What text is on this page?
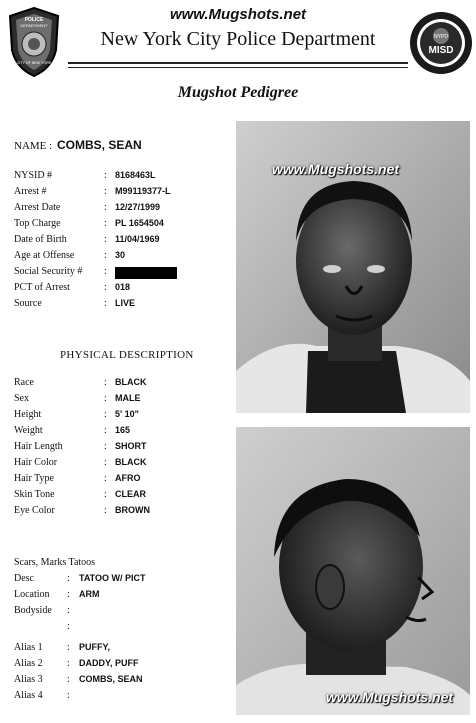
POLICE
DEPARTMENT
CITY OF NEW YORK
www.Mugshots.net
New York City Police Department	NYPD
MISD
Mugshot Pedigree
NAME : COMBS, SEAN
NYSID #	: 8168463L
Arrest #	: M99119377-L
Arrest Date	: 12/27/1999
Top Charge	: PL 1654504
Date of Birth	: 11/04/1969
Age at Offense	: 30
Social Security # :
PCT of Arrest	: 018
Source	: LIVE
PHYSICAL DESCRIPTION
Race	: BLACK
Sex	: MALE
Height	: 5' 10"
Weight	: 165
Hair Length	: SHORT
Hair Color	: BLACK
Hair Type	: AFRO
Skin Tone	: CLEAR
Eye Color	: BROWN
Scars, Marks Tatoos
Desc	: TATOO W/ PICT
Location : ARM
Bodyside :
:
Alias 1 : PUFFY,
Alias 2 : DADDY, PUFF
Alias 3 : COMBS, SEAN
Alias 4 :
www.Mugshots.net
www.Mugshots.net
